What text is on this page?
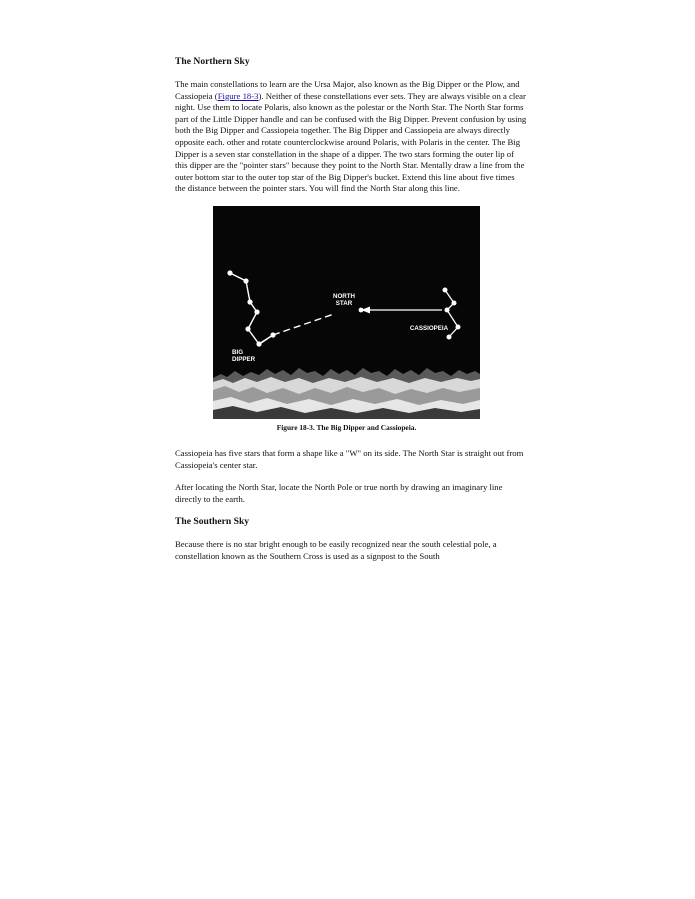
The Northern Sky

The main constellations to learn are the Ursa Major, also known as the Big Dipper or the Plow, and Cassiopeia (Figure 18-3). Neither of these constellations ever sets. They are always visible on a clear night. Use them to locate Polaris, also known as the polestar or the North Star. The North Star forms part of the Little Dipper handle and can be confused with the Big Dipper. Prevent confusion by using both the Big Dipper and Cassiopeia together. The Big Dipper and Cassiopeia are always directly opposite each. other and rotate counterclockwise around Polaris, with Polaris in the center. The Big Dipper is a seven star constellation in the shape of a dipper. The two stars forming the outer lip of this dipper are the "pointer stars" because they point to the North Star. Mentally draw a line from the outer bottom star to the outer top star of the Big Dipper's bucket. Extend this line about five times the distance between the pointer stars. You will find the North Star along this line.

NORTH
STAR
CASSIOPEIA
BIG
DIPPER
Figure 18-3. The Big Dipper and Cassiopeia.

Cassiopeia has five stars that form a shape like a "W" on its side. The North Star is straight out from Cassiopeia's center star.

After locating the North Star, locate the North Pole or true north by drawing an imaginary line directly to the earth.

The Southern Sky

Because there is no star bright enough to be easily recognized near the south celestial pole, a constellation known as the Southern Cross is used as a signpost to the South
